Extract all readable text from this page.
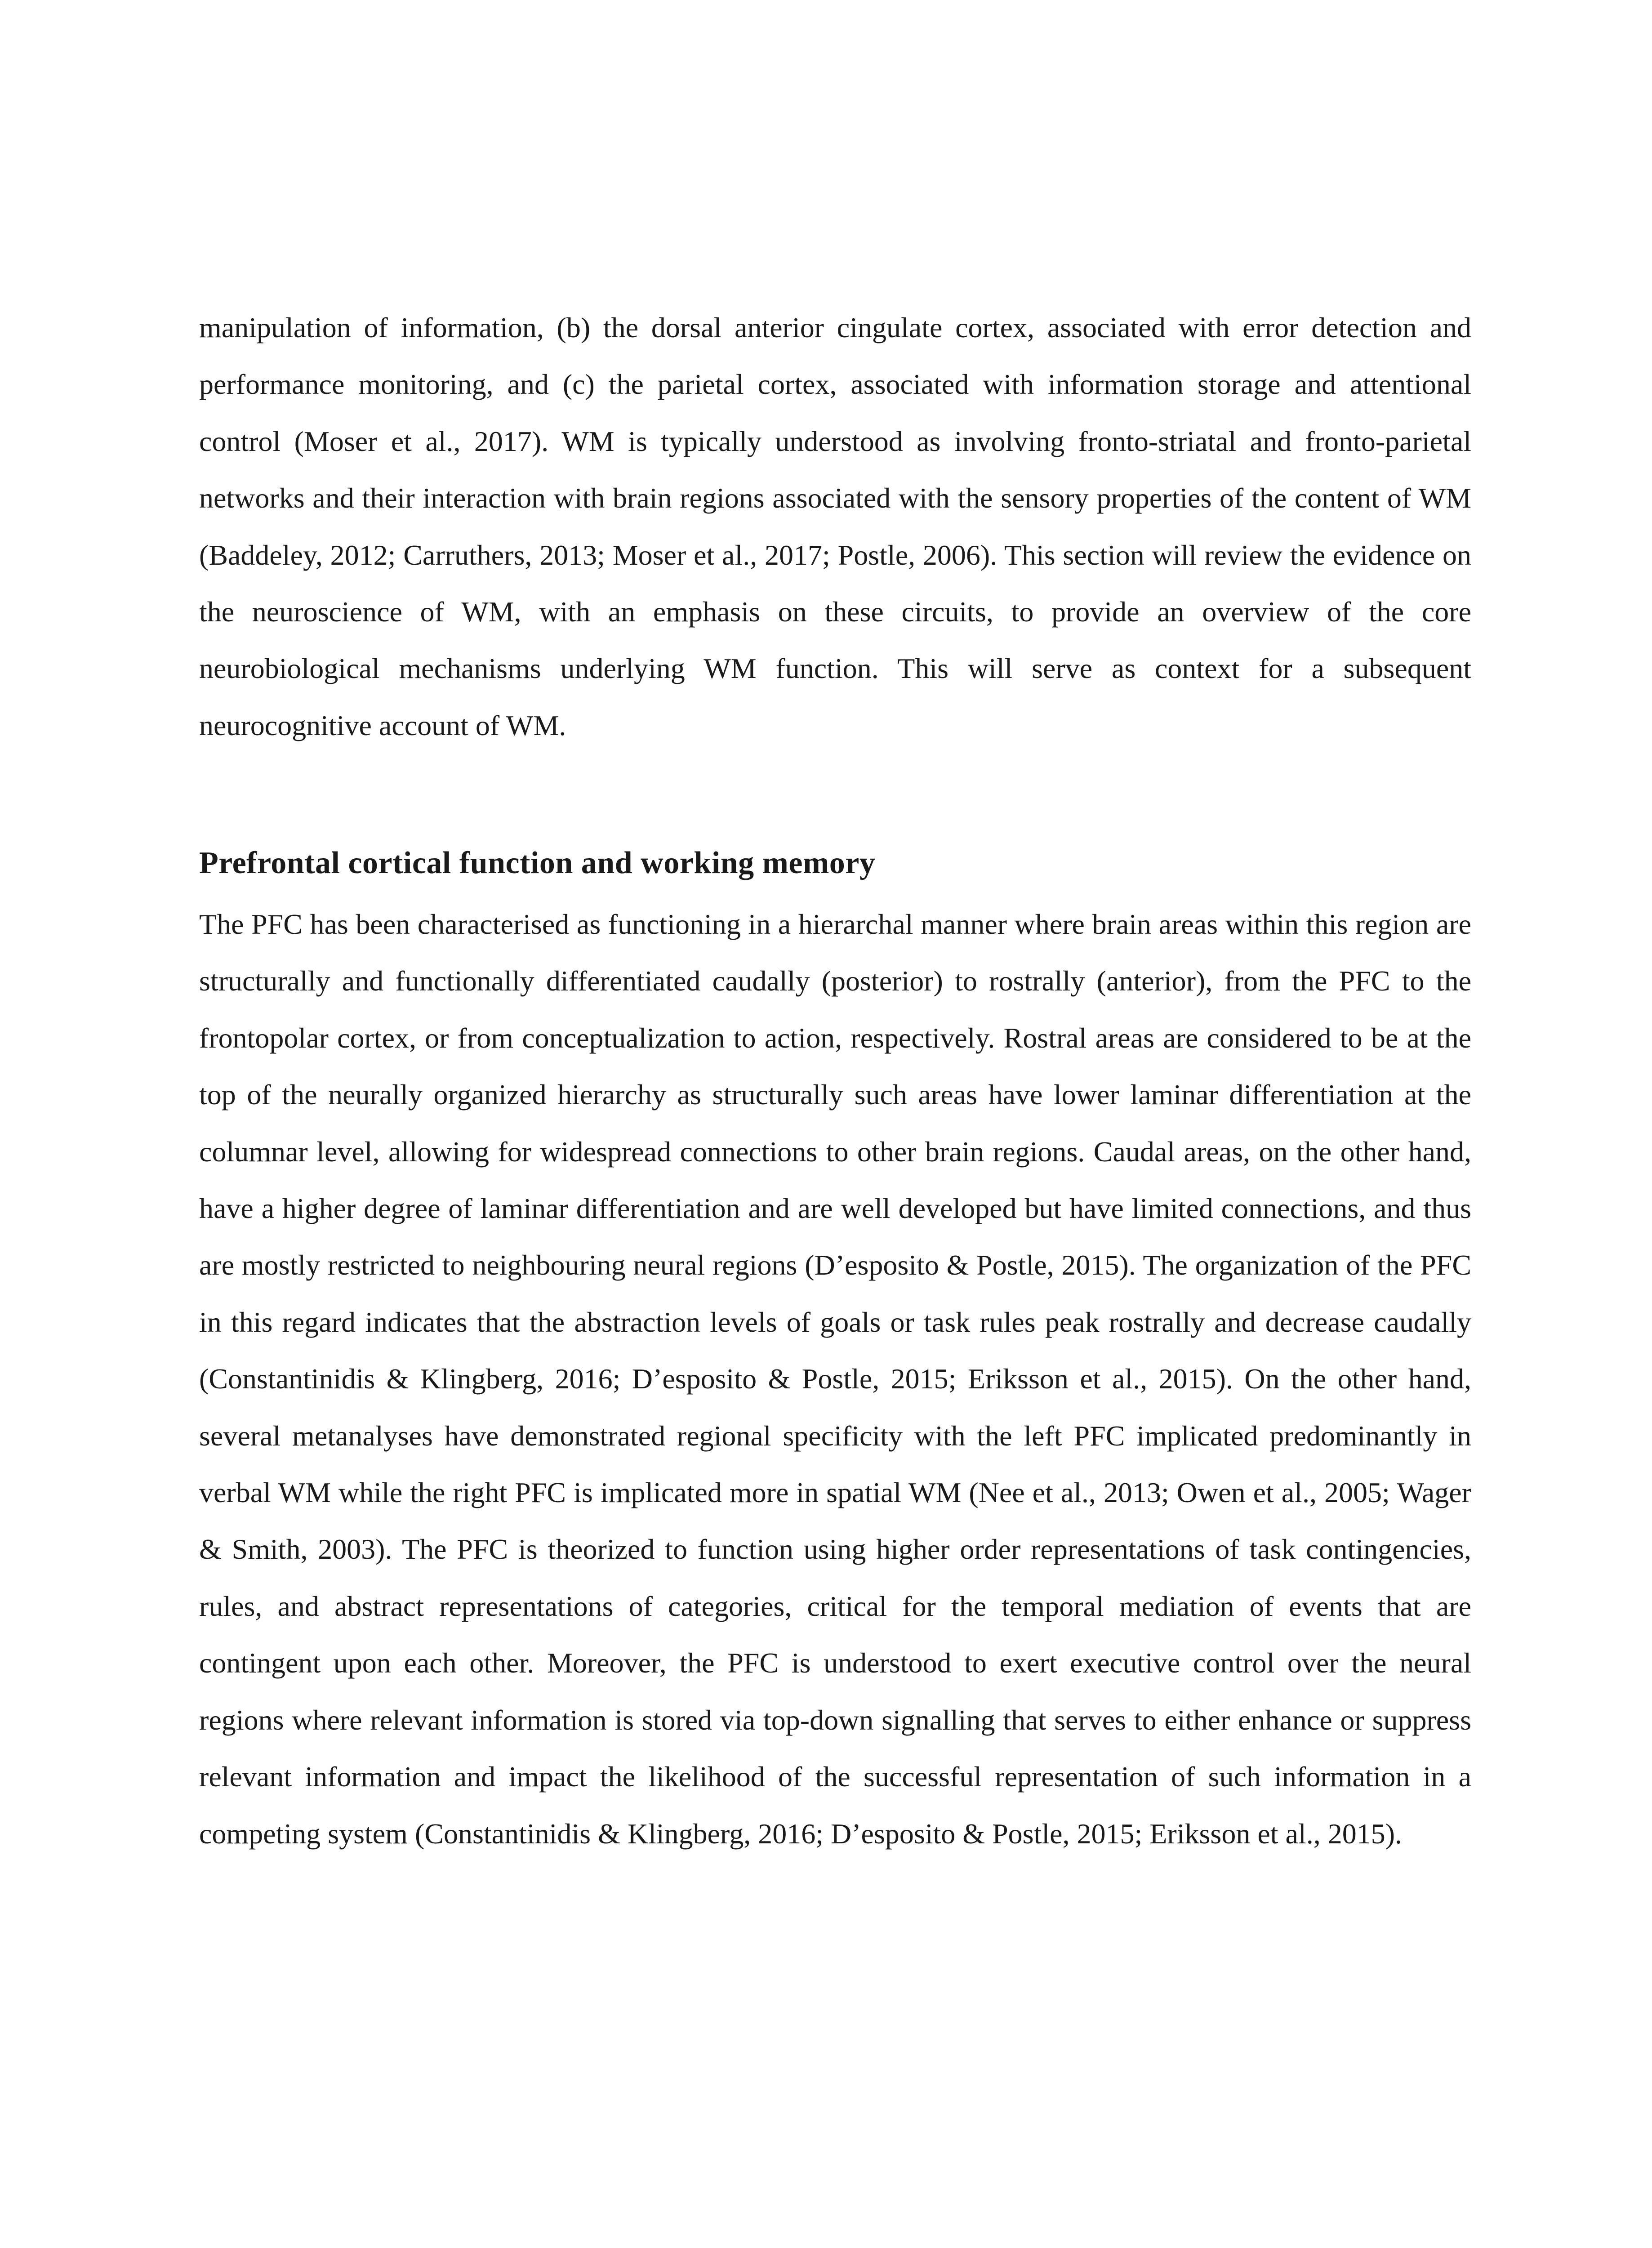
manipulation of information, (b) the dorsal anterior cingulate cortex, associated with error detection and performance monitoring, and (c) the parietal cortex, associated with information storage and attentional control (Moser et al., 2017). WM is typically understood as involving fronto-striatal and fronto-parietal networks and their interaction with brain regions associated with the sensory properties of the content of WM (Baddeley, 2012; Carruthers, 2013; Moser et al., 2017; Postle, 2006). This section will review the evidence on the neuroscience of WM, with an emphasis on these circuits, to provide an overview of the core neurobiological mechanisms underlying WM function. This will serve as context for a subsequent neurocognitive account of WM.

Prefrontal cortical function and working memory

The PFC has been characterised as functioning in a hierarchal manner where brain areas within this region are structurally and functionally differentiated caudally (posterior) to rostrally (anterior), from the PFC to the frontopolar cortex, or from conceptualization to action, respectively. Rostral areas are considered to be at the top of the neurally organized hierarchy as structurally such areas have lower laminar differentiation at the columnar level, allowing for widespread connections to other brain regions. Caudal areas, on the other hand, have a higher degree of laminar differentiation and are well developed but have limited connections, and thus are mostly restricted to neighbouring neural regions (D’esposito & Postle, 2015). The organization of the PFC in this regard indicates that the abstraction levels of goals or task rules peak rostrally and decrease caudally (Constantinidis & Klingberg, 2016; D’esposito & Postle, 2015; Eriksson et al., 2015). On the other hand, several metanalyses have demonstrated regional specificity with the left PFC implicated predominantly in verbal WM while the right PFC is implicated more in spatial WM (Nee et al., 2013; Owen et al., 2005; Wager & Smith, 2003). The PFC is theorized to function using higher order representations of task contingencies, rules, and abstract representations of categories, critical for the temporal mediation of events that are contingent upon each other. Moreover, the PFC is understood to exert executive control over the neural regions where relevant information is stored via top-down signalling that serves to either enhance or suppress relevant information and impact the likelihood of the successful representation of such information in a competing system (Constantinidis & Klingberg, 2016; D’esposito & Postle, 2015; Eriksson et al., 2015).
